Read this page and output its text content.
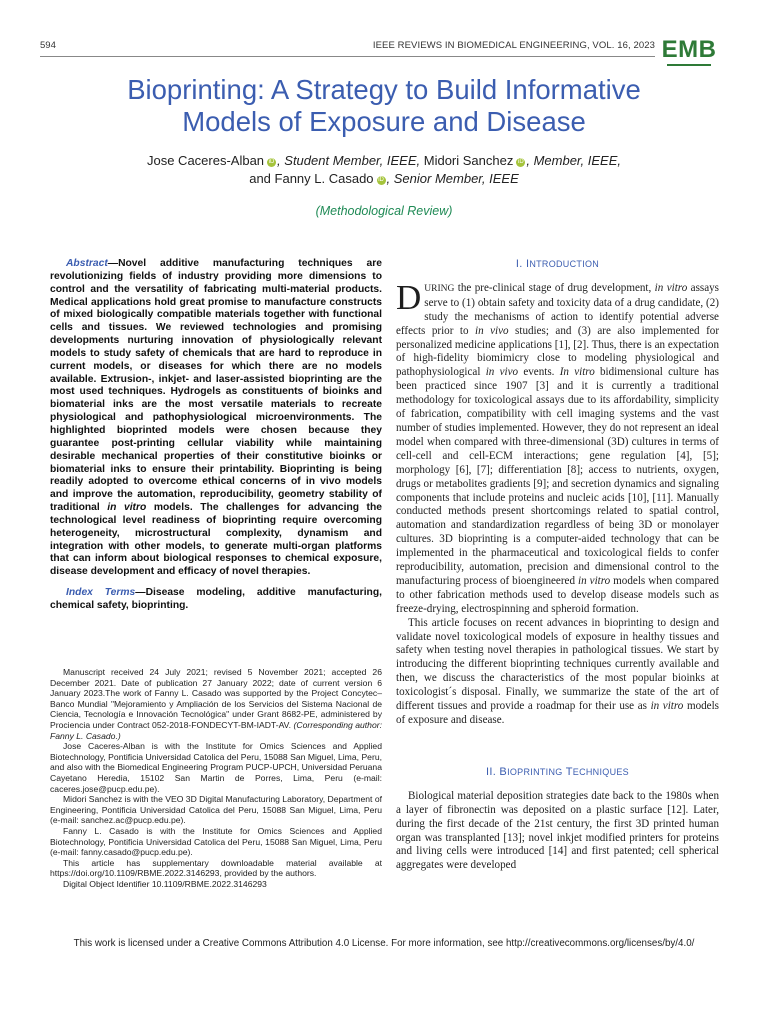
594	IEEE REVIEWS IN BIOMEDICAL ENGINEERING, VOL. 16, 2023 EMB
Bioprinting: A Strategy to Build Informative
Models of Exposure and Disease
Jose Caceres-Alban iD , Student Member, IEEE, Midori Sanchez iD , Member, IEEE,
and Fanny L. Casado iD , Senior Member, IEEE
(Methodological Review)

Abstract—Novel additive manufacturing techniques are revolutionizing fields of industry providing more dimensions to control and the versatility of fabricating multi-material products. Medical applications hold great promise to manufacture constructs of mixed biologically compatible materials together with functional cells and tissues. We reviewed technologies and promising developments nurturing innovation of physiologically relevant models to study safety of chemicals that are hard to reproduce in current models, or diseases for which there are no models available. Extrusion-, inkjet- and laser-assisted bioprinting are the most used techniques. Hydrogels as constituents of bioinks and biomaterial inks are the most versatile materials to recreate physiological and pathophysiological microenvironments. The highlighted bioprinted models were chosen because they guarantee post-printing cellular viability while maintaining desirable mechanical properties of their constitutive bioinks or biomaterial inks to ensure their printability. Bioprinting is being readily adopted to overcome ethical concerns of in vivo models and improve the automation, reproducibility, geometry stability of traditional in vitro models. The challenges for advancing the technological level readiness of bioprinting require overcoming heterogeneity, microstructural complexity, dynamism and integration with other models, to generate multi-organ platforms that can inform about biological responses to chemical exposure, disease development and efficacy of novel therapies.

Index Terms—Disease modeling, additive manufacturing, chemical safety, bioprinting.

Manuscript received 24 July 2021; revised 5 November 2021; accepted 26 December 2021. Date of publication 27 January 2022; date of current version 6 January 2023.The work of Fanny L. Casado was supported by the Project Concytec–Banco Mundial "Mejoramiento y Ampliación de los Servicios del Sistema Nacional de Ciencia, Tecnología e Innovación Tecnológica" under Grant 8682-PE, administered by Prociencia under Contract 052-2018-FONDECYT-BM-IADT-AV. (Corresponding author: Fanny L. Casado.)

Jose Caceres-Alban is with the Institute for Omics Sciences and Applied Biotechnology, Pontificia Universidad Catolica del Peru, 15088 San Miguel, Lima, Peru, and also with the Biomedical Engineering Program PUCP-UPCH, Universidad Peruana Cayetano Heredia, 15102 San Martin de Porres, Lima, Peru (e-mail: caceres.jose@pucp.edu.pe).

Midori Sanchez is with the VEO 3D Digital Manufacturing Laboratory, Department of Engineering, Pontificia Universidad Catolica del Peru, 15088 San Miguel, Lima, Peru (e-mail: sanchez.ac@pucp.edu.pe).

Fanny L. Casado is with the Institute for Omics Sciences and Applied Biotechnology, Pontificia Universidad Catolica del Peru, 15088 San Miguel, Lima, Peru (e-mail: fanny.casado@pucp.edu.pe).

This article has supplementary downloadable material available at https://doi.org/10.1109/RBME.2022.3146293, provided by the authors.

Digital Object Identifier 10.1109/RBME.2022.3146293

I. INTRODUCTION

DURING the pre-clinical stage of drug development, in vitro assays serve to (1) obtain safety and toxicity data of a drug candidate, (2) study the mechanisms of action to identify potential adverse effects prior to in vivo studies; and (3) are also implemented for personalized medicine applications [1], [2]. Thus, there is an expectation of high-fidelity biomimicry close to modeling physiological and pathophysiological in vivo events. In vitro bidimensional culture has been practiced since 1907 [3] and it is currently a traditional methodology for toxicological assays due to its affordability, simplicity of fabrication, compatibility with cell imaging systems and the vast number of studies implemented. However, they do not represent an ideal model when compared with three-dimensional (3D) cultures in terms of cell-cell and cell-ECM interactions; gene regulation [4], [5]; morphology [6], [7]; differentiation [8]; access to nutrients, oxygen, drugs or metabolites gradients [9]; and secretion dynamics and signaling components that include proteins and nucleic acids [10], [11]. Manually conducted methods present shortcomings related to spatial control, automation and standardization regardless of being 3D or monolayer cultures. 3D bioprinting is a computer-aided technology that can be implemented in the pharmaceutical and toxicological fields to confer reproducibility, automation, precision and dimensional control to the manufacturing process of bioengineered in vitro models when compared to other fabrication methods used to develop disease models such as freeze-drying, electrospinning and spheroid formation.

This article focuses on recent advances in bioprinting to design and validate novel toxicological models of exposure in healthy tissues and safety when testing novel therapies in pathological tissues. We start by introducing the different bioprinting techniques currently available and then, we discuss the characteristics of the most popular bioinks at toxicologist´s disposal. Finally, we summarize the state of the art of different tissues and provide a roadmap for their use as in vitro models of exposure and disease.

II. BIOPRINTING TECHNIQUES

Biological material deposition strategies date back to the 1980s when a layer of fibronectin was deposited on a plastic surface [12]. Later, during the first decade of the 21st century, the first 3D printed human organ was transplanted [13]; novel inkjet modified printers for proteins and living cells were introduced [14] and first patented; cell spherical aggregates were developed

This work is licensed under a Creative Commons Attribution 4.0 License. For more information, see http://creativecommons.org/licenses/by/4.0/
